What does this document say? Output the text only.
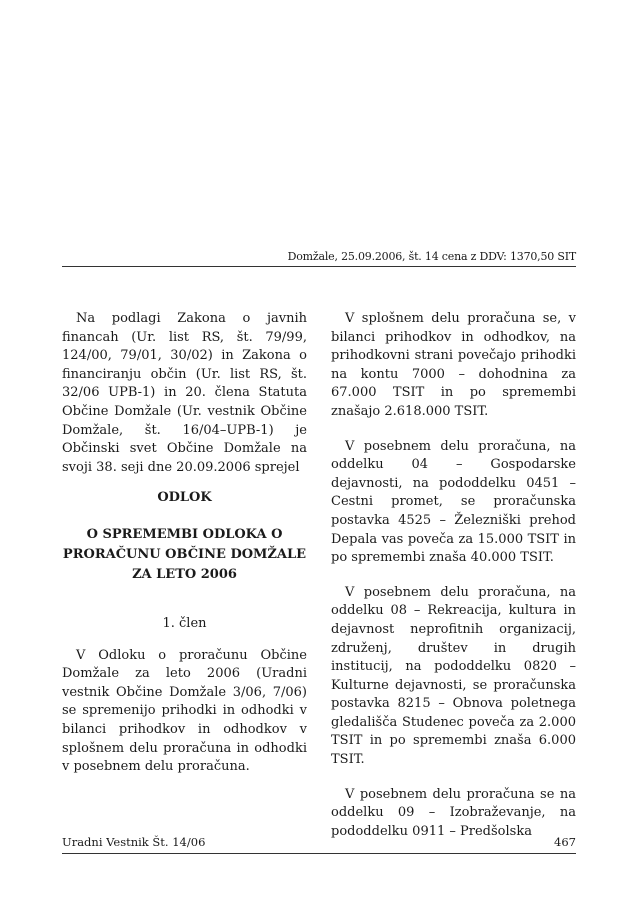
Domžale, 25.09.2006, št. 14 cena z DDV: 1370,50 SIT

Na podlagi Zakona o javnih financah (Ur. list RS, št. 79/99, 124/00, 79/01, 30/02) in Zakona o financiranju občin (Ur. list RS, št. 32/06 UPB-1) in 20. člena Statuta Občine Domžale (Ur. vestnik Občine Domžale, št. 16/04–UPB-1) je Občinski svet Občine Domžale na svoji 38. seji dne 20.09.2006 sprejel

ODLOK
O SPREMEMBI ODLOKA O PRORAČUNU OBČINE DOMŽALE ZA LETO 2006
1. člen

V Odloku o proračunu Občine Domžale za leto 2006 (Uradni vestnik Občine Domžale 3/06, 7/06) se spremenijo prihodki in odhodki v bilanci prihodkov in odhodkov v splošnem delu proračuna in odhodki v posebnem delu proračuna.

V splošnem delu proračuna se, v bilanci prihodkov in odhodkov, na prihodkovni strani povečajo prihodki na kontu 7000 – dohodnina za 67.000 TSIT in po spremembi znašajo 2.618.000 TSIT.

V posebnem delu proračuna, na oddelku 04 – Gospodarske dejavnosti, na pododdelku 0451 – Cestni promet, se proračunska postavka 4525 – Železniški prehod Depala vas poveča za 15.000 TSIT in po spremembi znaša 40.000 TSIT.

V posebnem delu proračuna, na oddelku 08 – Rekreacija, kultura in dejavnost neprofitnih organizacij, združenj, društev in drugih institucij, na pododdelku 0820 – Kulturne dejavnosti, se proračunska postavka 8215 – Obnova poletnega gledališča Studenec poveča za 2.000 TSIT in po spremembi znaša 6.000 TSIT.

V posebnem delu proračuna se na oddelku 09 – Izobraževanje, na pododdelku 0911 – Predšolska

Uradni Vestnik Št. 14/06	467
